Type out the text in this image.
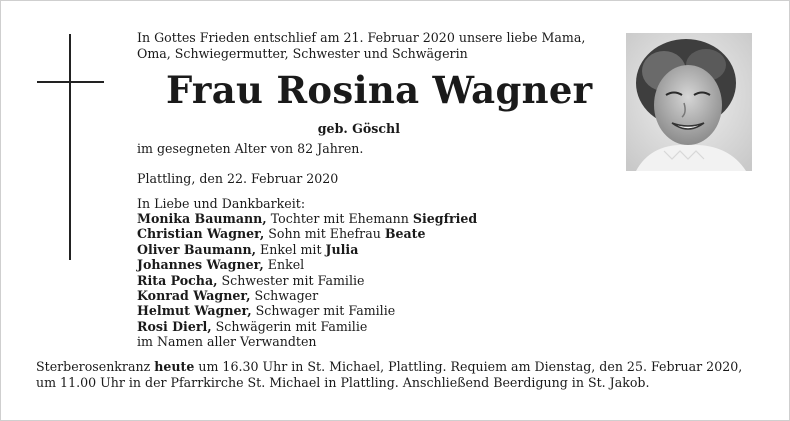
In Gottes Frieden entschlief am 21. Februar 2020 unsere liebe Mama,
Oma, Schwiegermutter, Schwester und Schwägerin
Frau Rosina Wagner
geb. Göschl
im gesegneten Alter von 82 Jahren.
Plattling, den 22. Februar 2020
In Liebe und Dankbarkeit:
Monika Baumann, Tochter mit Ehemann Siegfried
Christian Wagner, Sohn mit Ehefrau Beate
Oliver Baumann, Enkel mit Julia
Johannes Wagner, Enkel
Rita Pocha, Schwester mit Familie
Konrad Wagner, Schwager
Helmut Wagner, Schwager mit Familie
Rosi Dierl, Schwägerin mit Familie
im Namen aller Verwandten
Sterberosenkranz heute um 16.30 Uhr in St. Michael, Plattling. Requiem am Dienstag, den 25. Februar 2020, um 11.00 Uhr in der Pfarrkirche St. Michael in Plattling. Anschließend Beerdigung in St. Jakob.
